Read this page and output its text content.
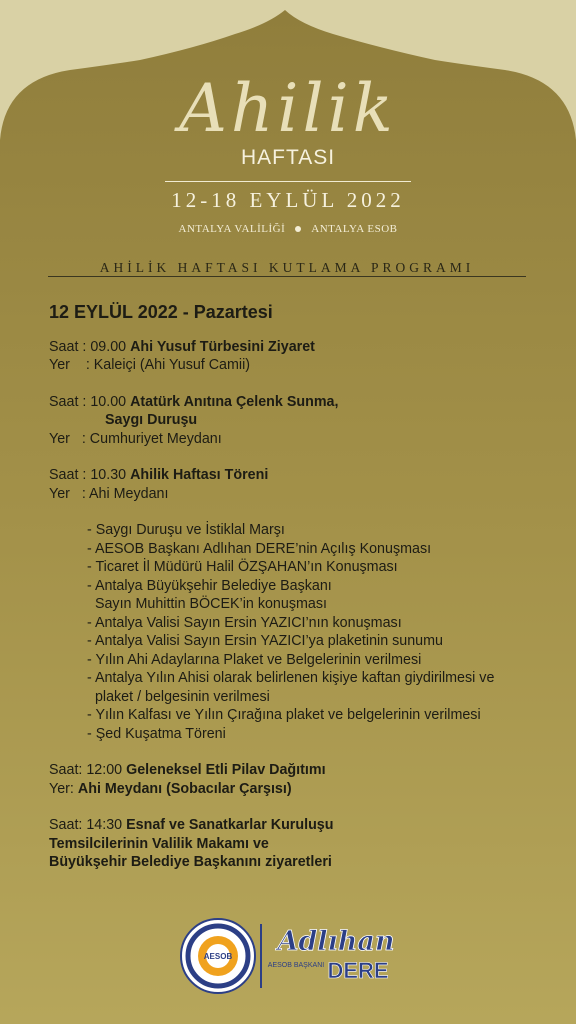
Ahilik
HAFTASI
12-18 EYLÜL 2022
ANTALYA VALİLİĞİ ANTALYA ESOB
AHİLİK HAFTASI KUTLAMA PROGRAMI
12 EYLÜL 2022 - Pazartesi
Saat : 09.00 Ahi Yusuf Türbesini Ziyaret
Yer    : Kaleiçi (Ahi Yusuf Camii)
Saat : 10.00 Atatürk Anıtına Çelenk Sunma,
Saygı Duruşu
Yer   : Cumhuriyet Meydanı
Saat : 10.30 Ahilik Haftası Töreni
Yer   : Ahi Meydanı
- Saygı Duruşu ve İstiklal Marşı
- AESOB Başkanı Adlıhan DERE’nin Açılış Konuşması
- Ticaret İl Müdürü Halil ÖZŞAHAN’ın Konuşması
- Antalya Büyükşehir Belediye Başkanı
Sayın Muhittin BÖCEK’in konuşması
- Antalya Valisi Sayın Ersin YAZICI’nın konuşması
- Antalya Valisi Sayın Ersin YAZICI’ya plaketinin sunumu
- Yılın Ahi Adaylarına Plaket ve Belgelerinin verilmesi
- Antalya Yılın Ahisi olarak belirlenen kişiye kaftan giydirilmesi ve
plaket / belgesinin verilmesi
- Yılın Kalfası ve Yılın Çırağına plaket ve belgelerinin verilmesi
- Şed Kuşatma Töreni
Saat: 12:00 Geleneksel Etli Pilav Dağıtımı
Yer: Ahi Meydanı (Sobacılar Çarşısı)
Saat: 14:30 Esnaf ve Sanatkarlar Kuruluşu
Temsilcilerinin Valilik Makamı ve
Büyükşehir Belediye Başkanını ziyaretleri
AESOB
1966
Adlıhan
AESOB BAŞKANI DERE
